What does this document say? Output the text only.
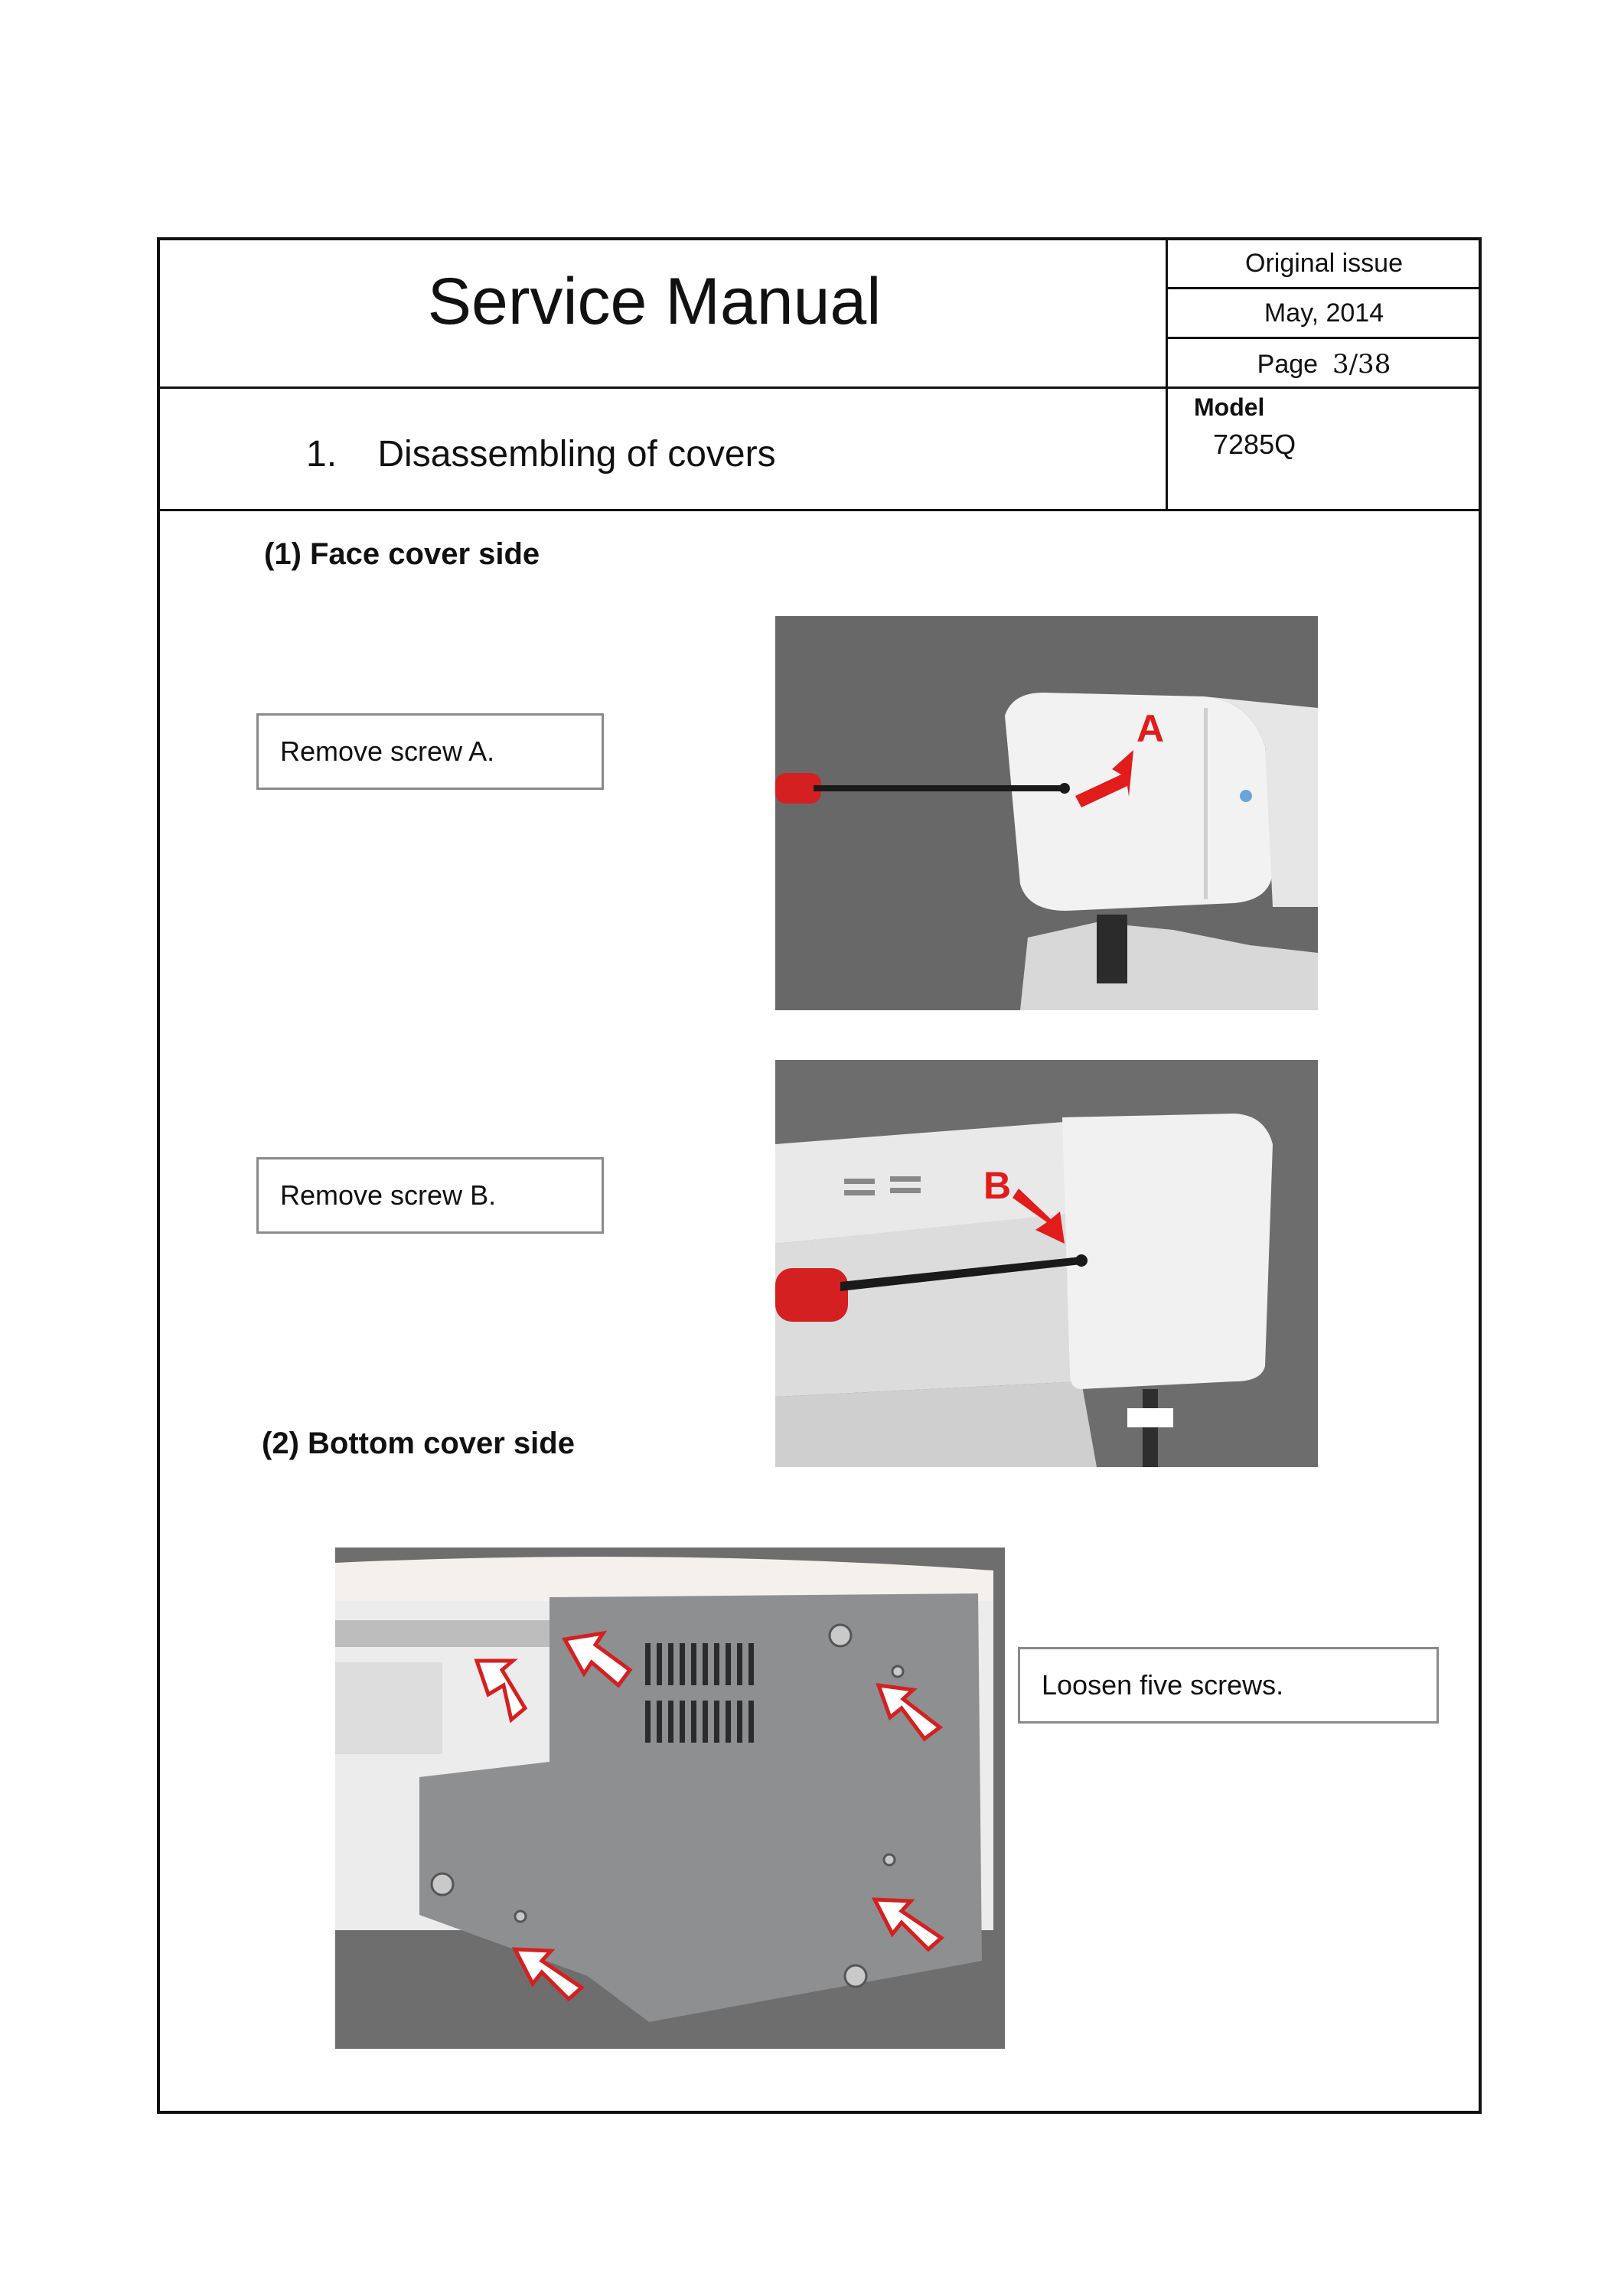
Service Manual
Original issue
May, 2014
Page 3/38
Model
7285Q
1. Disassembling of covers
(1) Face cover side
Remove screw A.
Remove screw B.
A
B
(2) Bottom cover side
Loosen five screws.
